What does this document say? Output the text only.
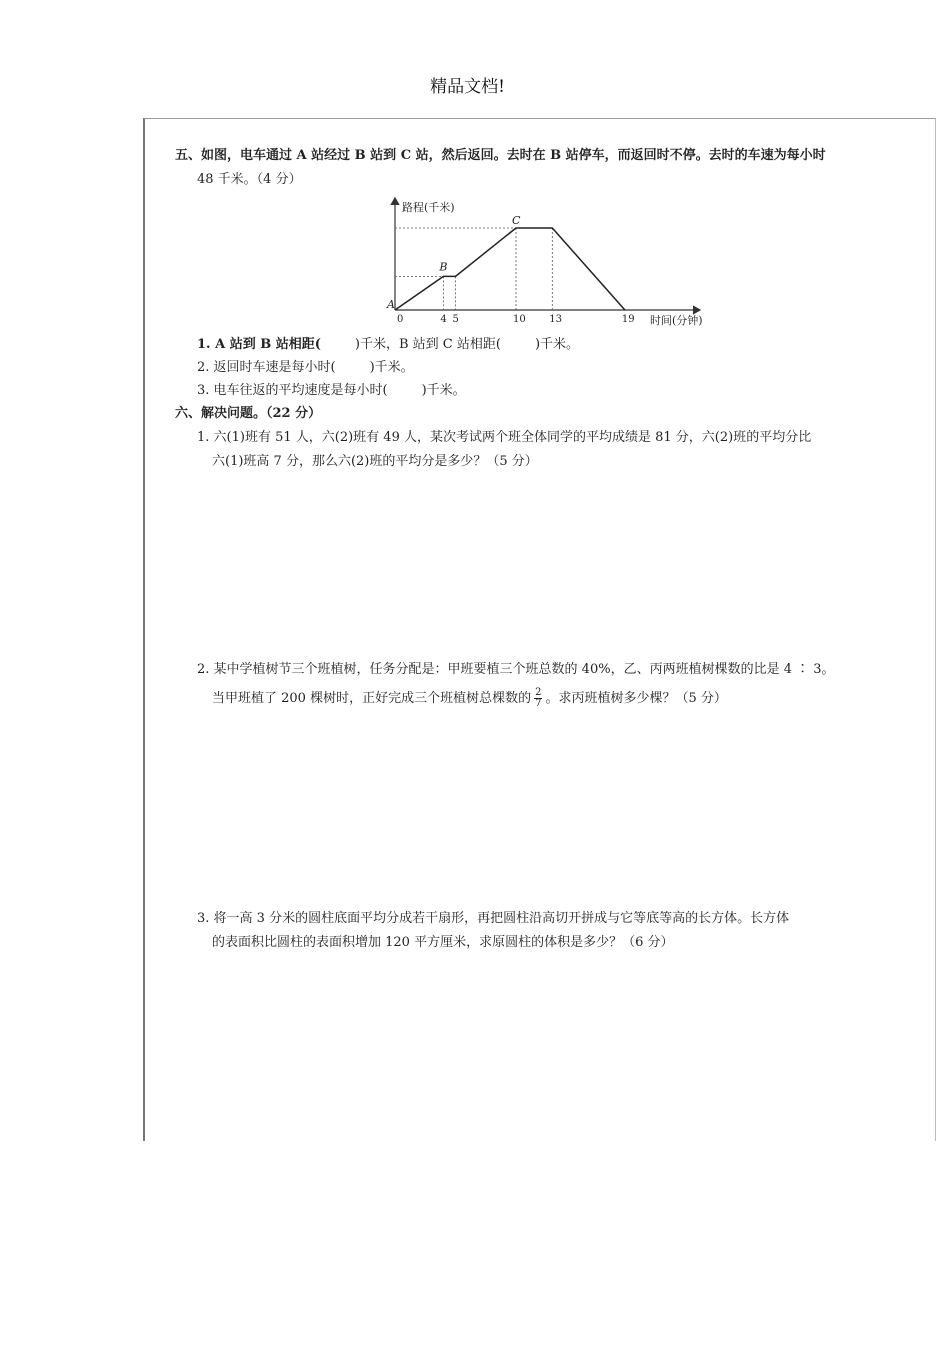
精品文档!
五、如图，电车通过 A 站经过 B 站到 C 站，然后返回。去时在 B 站停车，而返回时不停。去时的车速为每小时
48 千米。（4 分）
路程(千米)
时间(分钟)
0	4 5	10 13	19
A
B
C
1. A 站到 B 站相距(	)千米，B 站到 C 站相距(	)千米。
2. 返回时车速是每小时(	)千米。
3. 电车往返的平均速度是每小时(	)千米。
六、解决问题。（22 分）
1. 六(1)班有 51 人，六(2)班有 49 人，某次考试两个班全体同学的平均成绩是 81 分，六(2)班的平均分比
六(1)班高 7 分，那么六(2)班的平均分是多少？（5 分）
2. 某中学植树节三个班植树，任务分配是：甲班要植三个班总数的 40%，乙、丙两班植树棵数的比是 4 ∶ 3。
当甲班植了 200 棵树时，正好完成三个班植树总棵数的 $\frac{2}{7}$ 。求丙班植树多少棵？（5 分）
3. 将一高 3 分米的圆柱底面平均分成若干扇形，再把圆柱沿高切开拼成与它等底等高的长方体。长方体
的表面积比圆柱的表面积增加 120 平方厘米，求原圆柱的体积是多少？（6 分）
